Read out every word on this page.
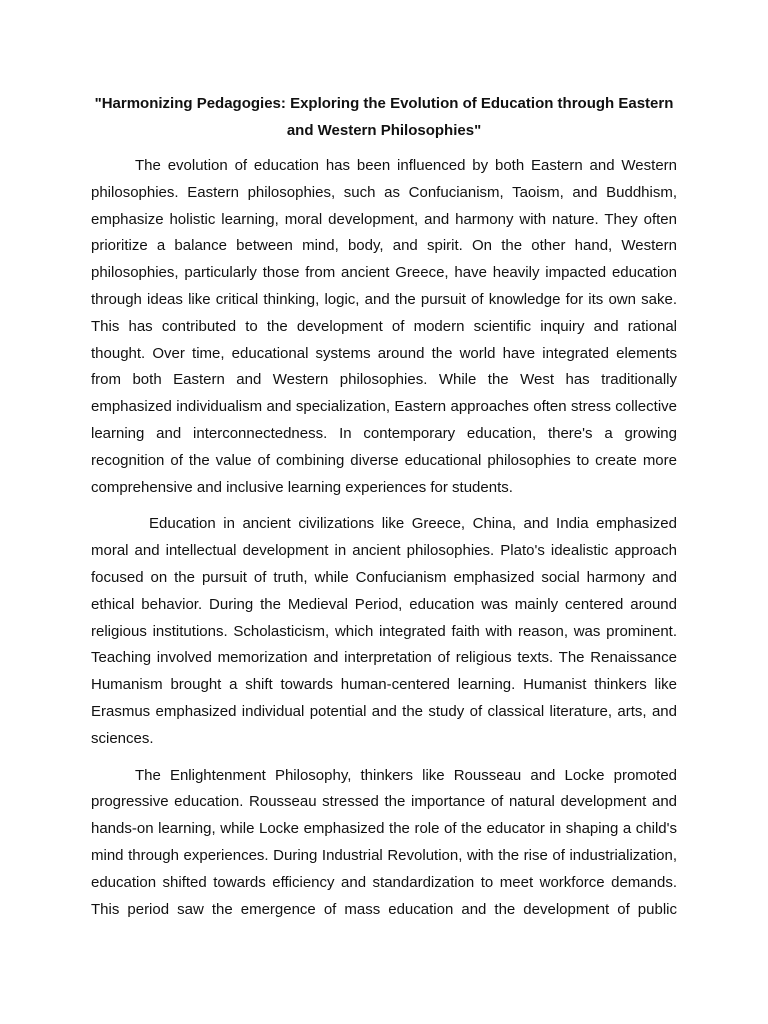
"Harmonizing Pedagogies: Exploring the Evolution of Education through Eastern and Western Philosophies"

The evolution of education has been influenced by both Eastern and Western philosophies. Eastern philosophies, such as Confucianism, Taoism, and Buddhism, emphasize holistic learning, moral development, and harmony with nature. They often prioritize a balance between mind, body, and spirit. On the other hand, Western philosophies, particularly those from ancient Greece, have heavily impacted education through ideas like critical thinking, logic, and the pursuit of knowledge for its own sake. This has contributed to the development of modern scientific inquiry and rational thought. Over time, educational systems around the world have integrated elements from both Eastern and Western philosophies. While the West has traditionally emphasized individualism and specialization, Eastern approaches often stress collective learning and interconnectedness. In contemporary education, there's a growing recognition of the value of combining diverse educational philosophies to create more comprehensive and inclusive learning experiences for students.

Education in ancient civilizations like Greece, China, and India emphasized moral and intellectual development in ancient philosophies. Plato's idealistic approach focused on the pursuit of truth, while Confucianism emphasized social harmony and ethical behavior. During the Medieval Period, education was mainly centered around religious institutions. Scholasticism, which integrated faith with reason, was prominent. Teaching involved memorization and interpretation of religious texts. The Renaissance Humanism brought a shift towards human-centered learning. Humanist thinkers like Erasmus emphasized individual potential and the study of classical literature, arts, and sciences.

The Enlightenment Philosophy, thinkers like Rousseau and Locke promoted progressive education. Rousseau stressed the importance of natural development and hands-on learning, while Locke emphasized the role of the educator in shaping a child's mind through experiences. During Industrial Revolution, with the rise of industrialization, education shifted towards efficiency and standardization to meet workforce demands. This period saw the emergence of mass education and the development of public
